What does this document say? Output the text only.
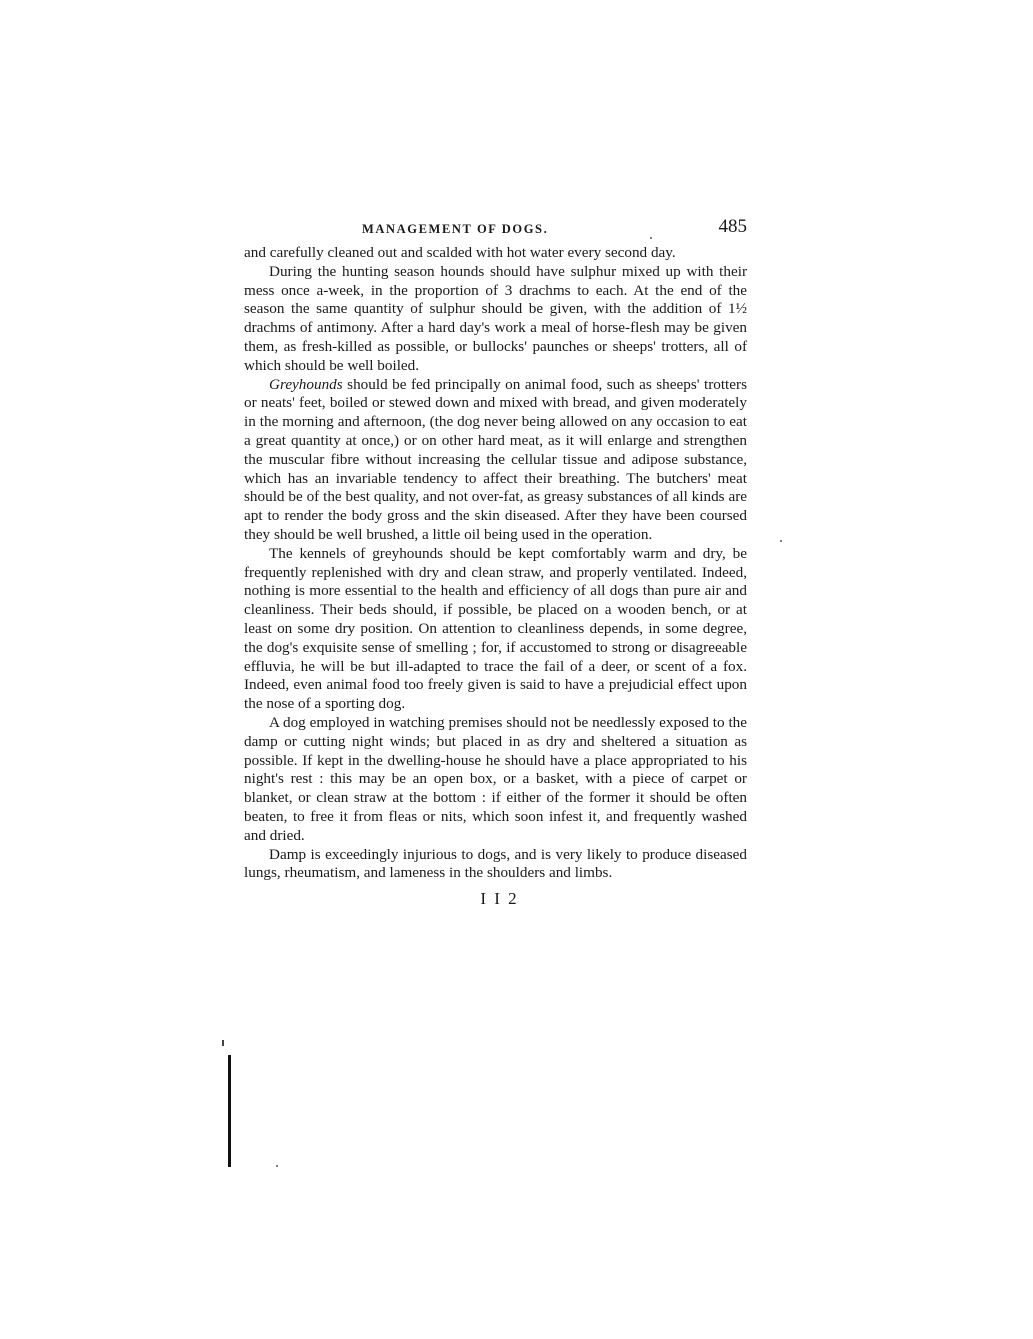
MANAGEMENT OF DOGS.	485

and carefully cleaned out and scalded with hot water every second day.

During the hunting season hounds should have sulphur mixed up with their mess once a-week, in the proportion of 3 drachms to each. At the end of the season the same quantity of sulphur should be given, with the addition of 1½ drachms of antimony. After a hard day's work a meal of horse-flesh may be given them, as fresh-killed as possible, or bullocks' paunches or sheeps' trotters, all of which should be well boiled.

Greyhounds should be fed principally on animal food, such as sheeps' trotters or neats' feet, boiled or stewed down and mixed with bread, and given moderately in the morning and afternoon, (the dog never being allowed on any occasion to eat a great quantity at once,) or on other hard meat, as it will enlarge and strengthen the muscular fibre without increasing the cellular tissue and adipose substance, which has an invariable tendency to affect their breathing. The butchers' meat should be of the best quality, and not over-fat, as greasy substances of all kinds are apt to render the body gross and the skin diseased. After they have been coursed they should be well brushed, a little oil being used in the operation.

The kennels of greyhounds should be kept comfortably warm and dry, be frequently replenished with dry and clean straw, and properly ventilated. Indeed, nothing is more essential to the health and efficiency of all dogs than pure air and cleanliness. Their beds should, if possible, be placed on a wooden bench, or at least on some dry position. On attention to cleanliness depends, in some degree, the dog's exquisite sense of smelling ; for, if accustomed to strong or disagreeable effluvia, he will be but ill-adapted to trace the fail of a deer, or scent of a fox. Indeed, even animal food too freely given is said to have a prejudicial effect upon the nose of a sporting dog.

A dog employed in watching premises should not be needlessly exposed to the damp or cutting night winds; but placed in as dry and sheltered a situation as possible. If kept in the dwelling-house he should have a place appropriated to his night's rest : this may be an open box, or a basket, with a piece of carpet or blanket, or clean straw at the bottom : if either of the former it should be often beaten, to free it from fleas or nits, which soon infest it, and frequently washed and dried.

Damp is exceedingly injurious to dogs, and is very likely to produce diseased lungs, rheumatism, and lameness in the shoulders and limbs.

I I 2
